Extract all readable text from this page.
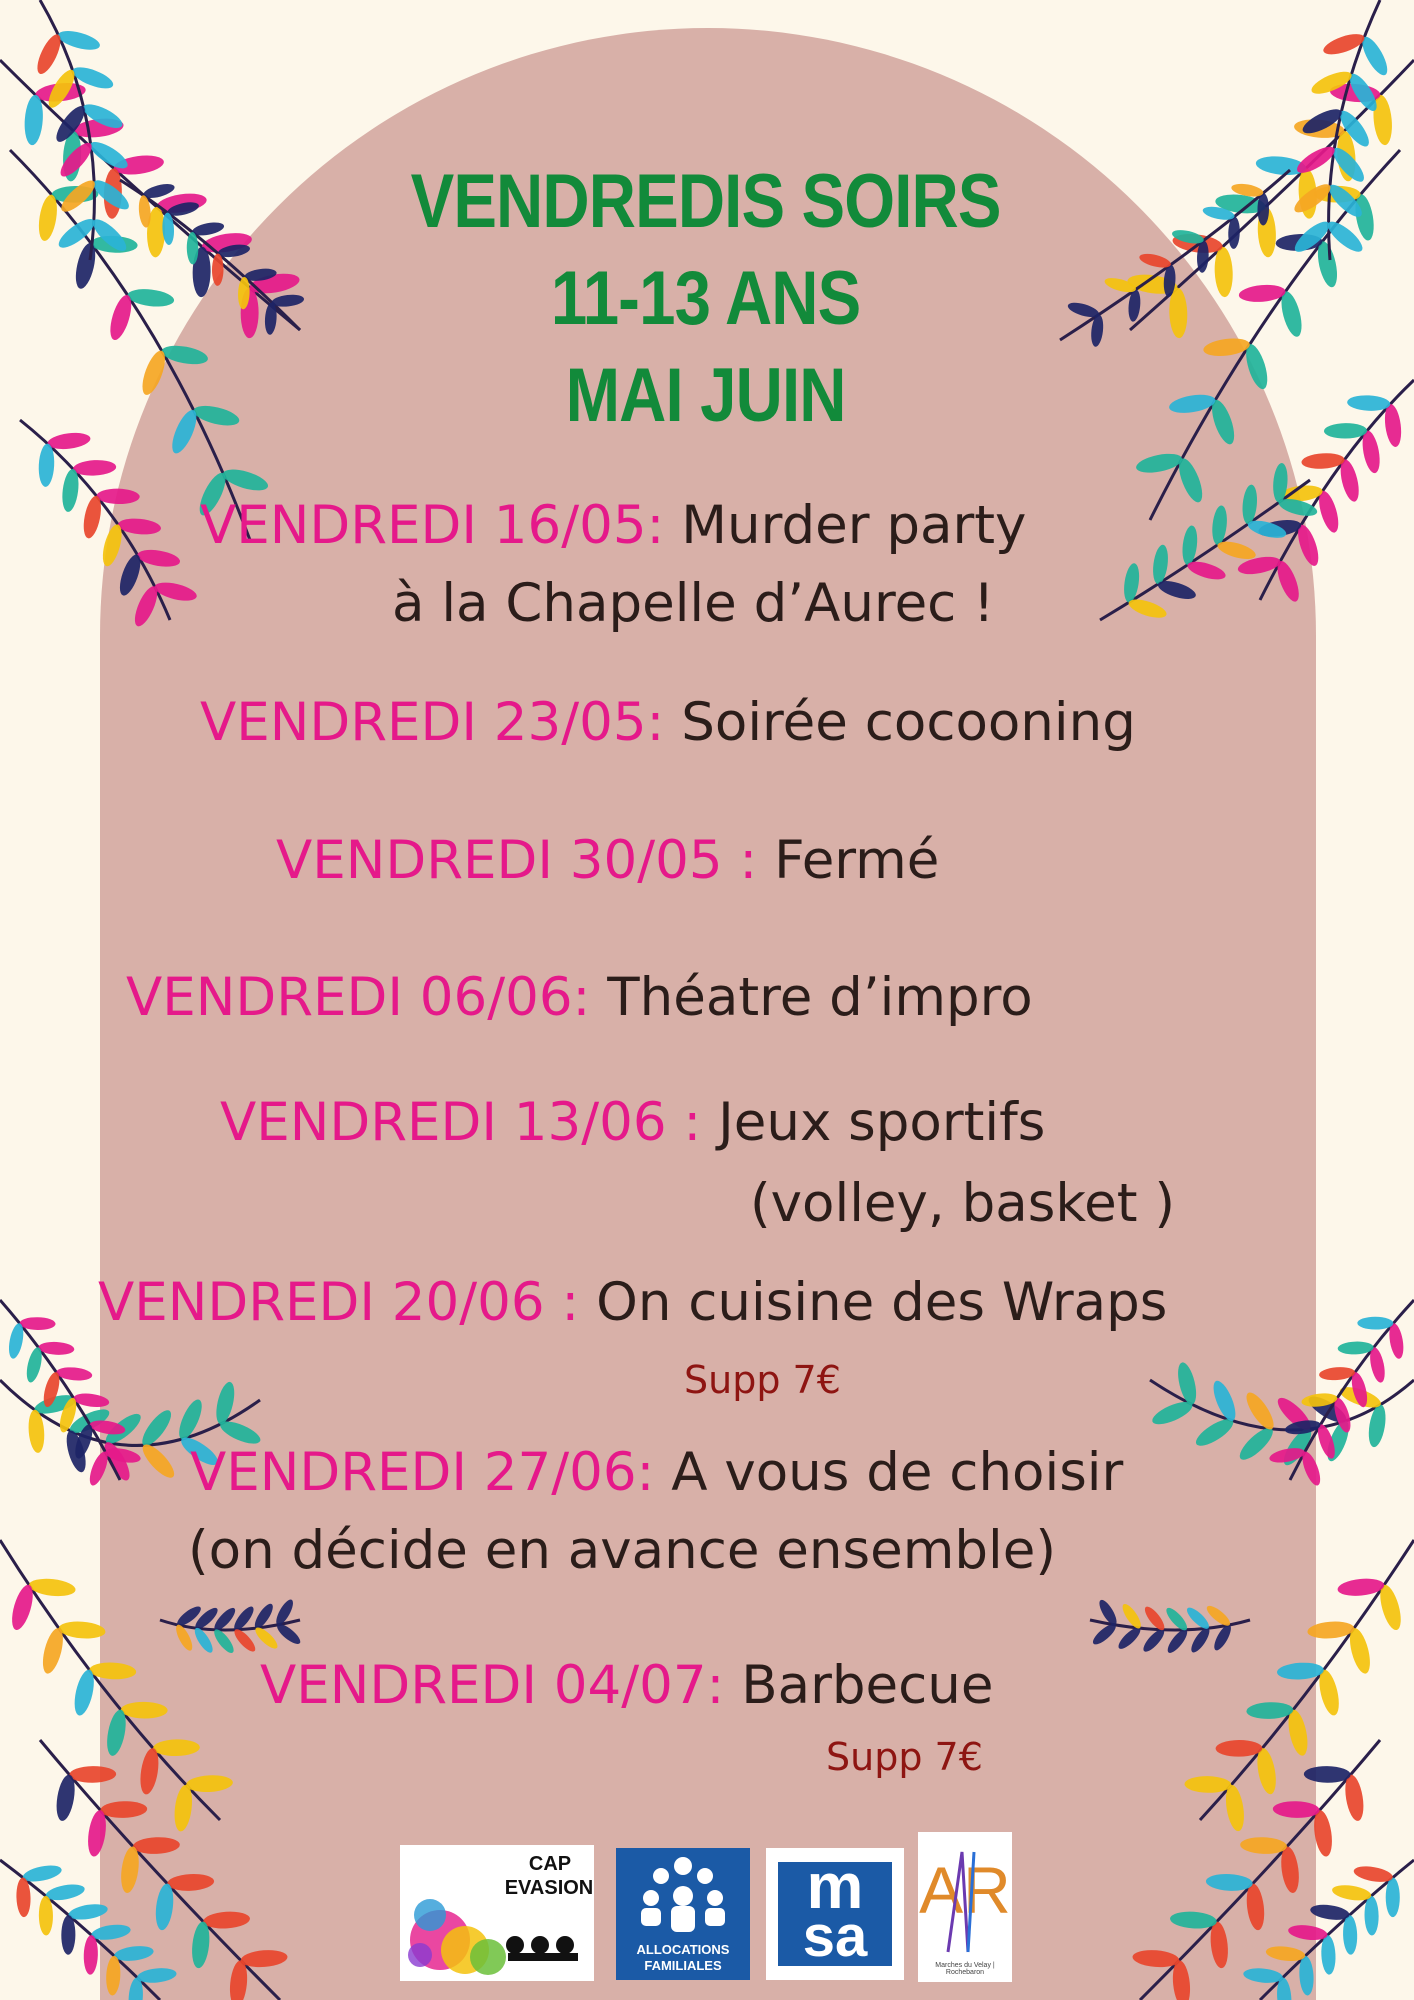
VENDREDIS SOIRS
11-13 ANS
MAI JUIN
VENDREDI 16/05: Murder party
à la Chapelle d’Aurec !
VENDREDI 23/05: Soirée cocooning
VENDREDI 30/05 : Fermé
VENDREDI 06/06: Théatre d’impro
VENDREDI 13/06 : Jeux sportifs
(volley, basket )
VENDREDI 20/06 : On cuisine des Wraps
Supp 7€
VENDREDI 27/06: A vous de choisir
(on décide en avance ensemble)
VENDREDI 04/07: Barbecue
Supp 7€
CAP
EVASION
ALLOCATIONS
FAMILIALES
m
sa
AR
Marches du Velay | Rochebaron
